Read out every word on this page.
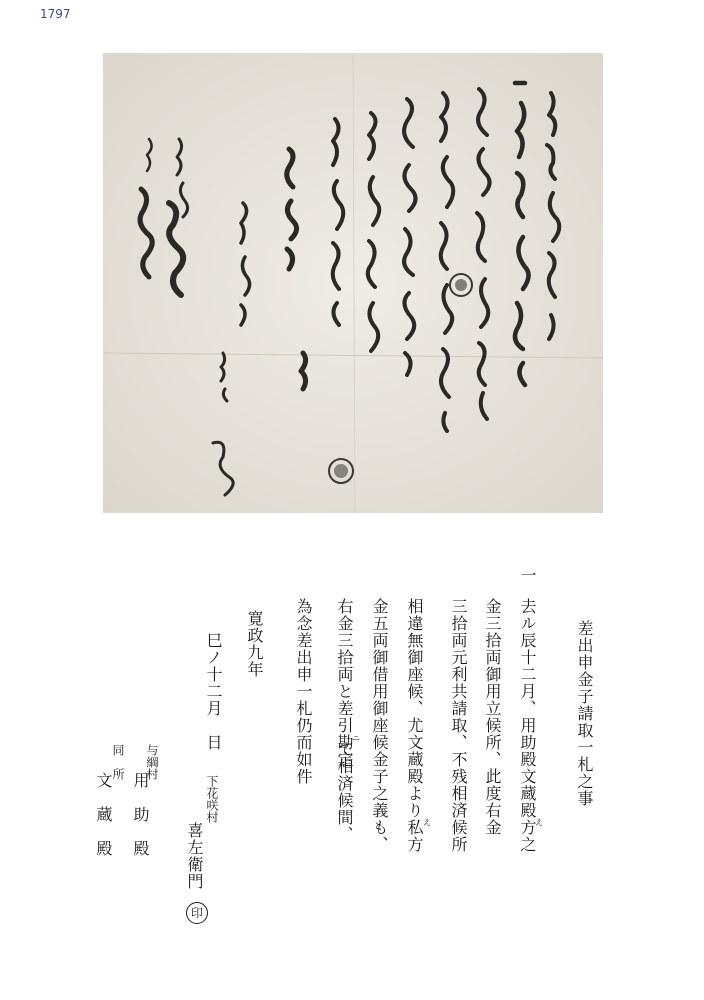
1797
差出申金子請取一札之事
一
去ル辰十二月、用助殿文蔵殿方之
え
金三拾両御用立候所、此度右金
三拾両元利共請取、不残相済候所
相違無御座候、尤文蔵殿より私方 え
金五両御借用御座候金子之義も、
右金三拾両と差引勘定
ニ
て相済候間、
為念差出申一札仍而如件
寛政九年
巳ノ十二月　日
下花咲村
喜左衛門
印
与綱村
用　助　殿
同　所
文　蔵　殿
